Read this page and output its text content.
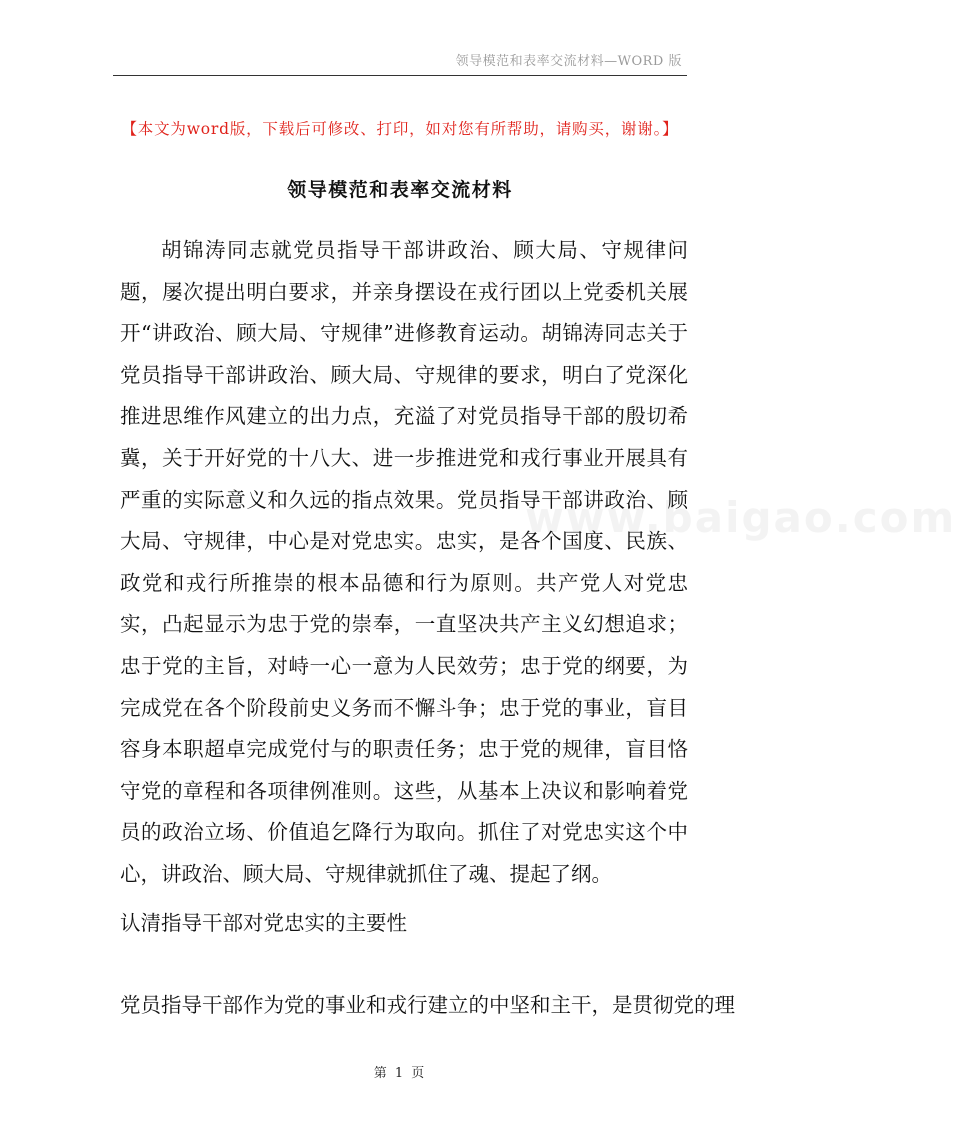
领导模范和表率交流材料—WORD 版
【本文为word版，下载后可修改、打印，如对您有所帮助，请购买，谢谢。】
领导模范和表率交流材料
胡锦涛同志就党员指导干部讲政治、顾大局、守规律问题，屡次提出明白要求，并亲身摆设在戎行团以上党委机关展开“讲政治、顾大局、守规律”进修教育运动。胡锦涛同志关于党员指导干部讲政治、顾大局、守规律的要求，明白了党深化推进思维作风建立的出力点，充溢了对党员指导干部的殷切希冀，关于开好党的十八大、进一步推进党和戎行事业开展具有严重的实际意义和久远的指点效果。党员指导干部讲政治、顾大局、守规律，中心是对党忠实。忠实，是各个国度、民族、政党和戎行所推崇的根本品德和行为原则。共产党人对党忠实，凸起显示为忠于党的崇奉，一直坚决共产主义幻想追求；忠于党的主旨，对峙一心一意为人民效劳；忠于党的纲要，为完成党在各个阶段前史义务而不懈斗争；忠于党的事业，盲目容身本职超卓完成党付与的职责任务；忠于党的规律，盲目恪守党的章程和各项律例准则。这些，从基本上决议和影响着党员的政治立场、价值追乞降行为取向。抓住了对党忠实这个中心，讲政治、顾大局、守规律就抓住了魂、提起了纲。
认清指导干部对党忠实的主要性
党员指导干部作为党的事业和戎行建立的中坚和主干，是贯彻党的理
www.baigao.com
第 1 页
